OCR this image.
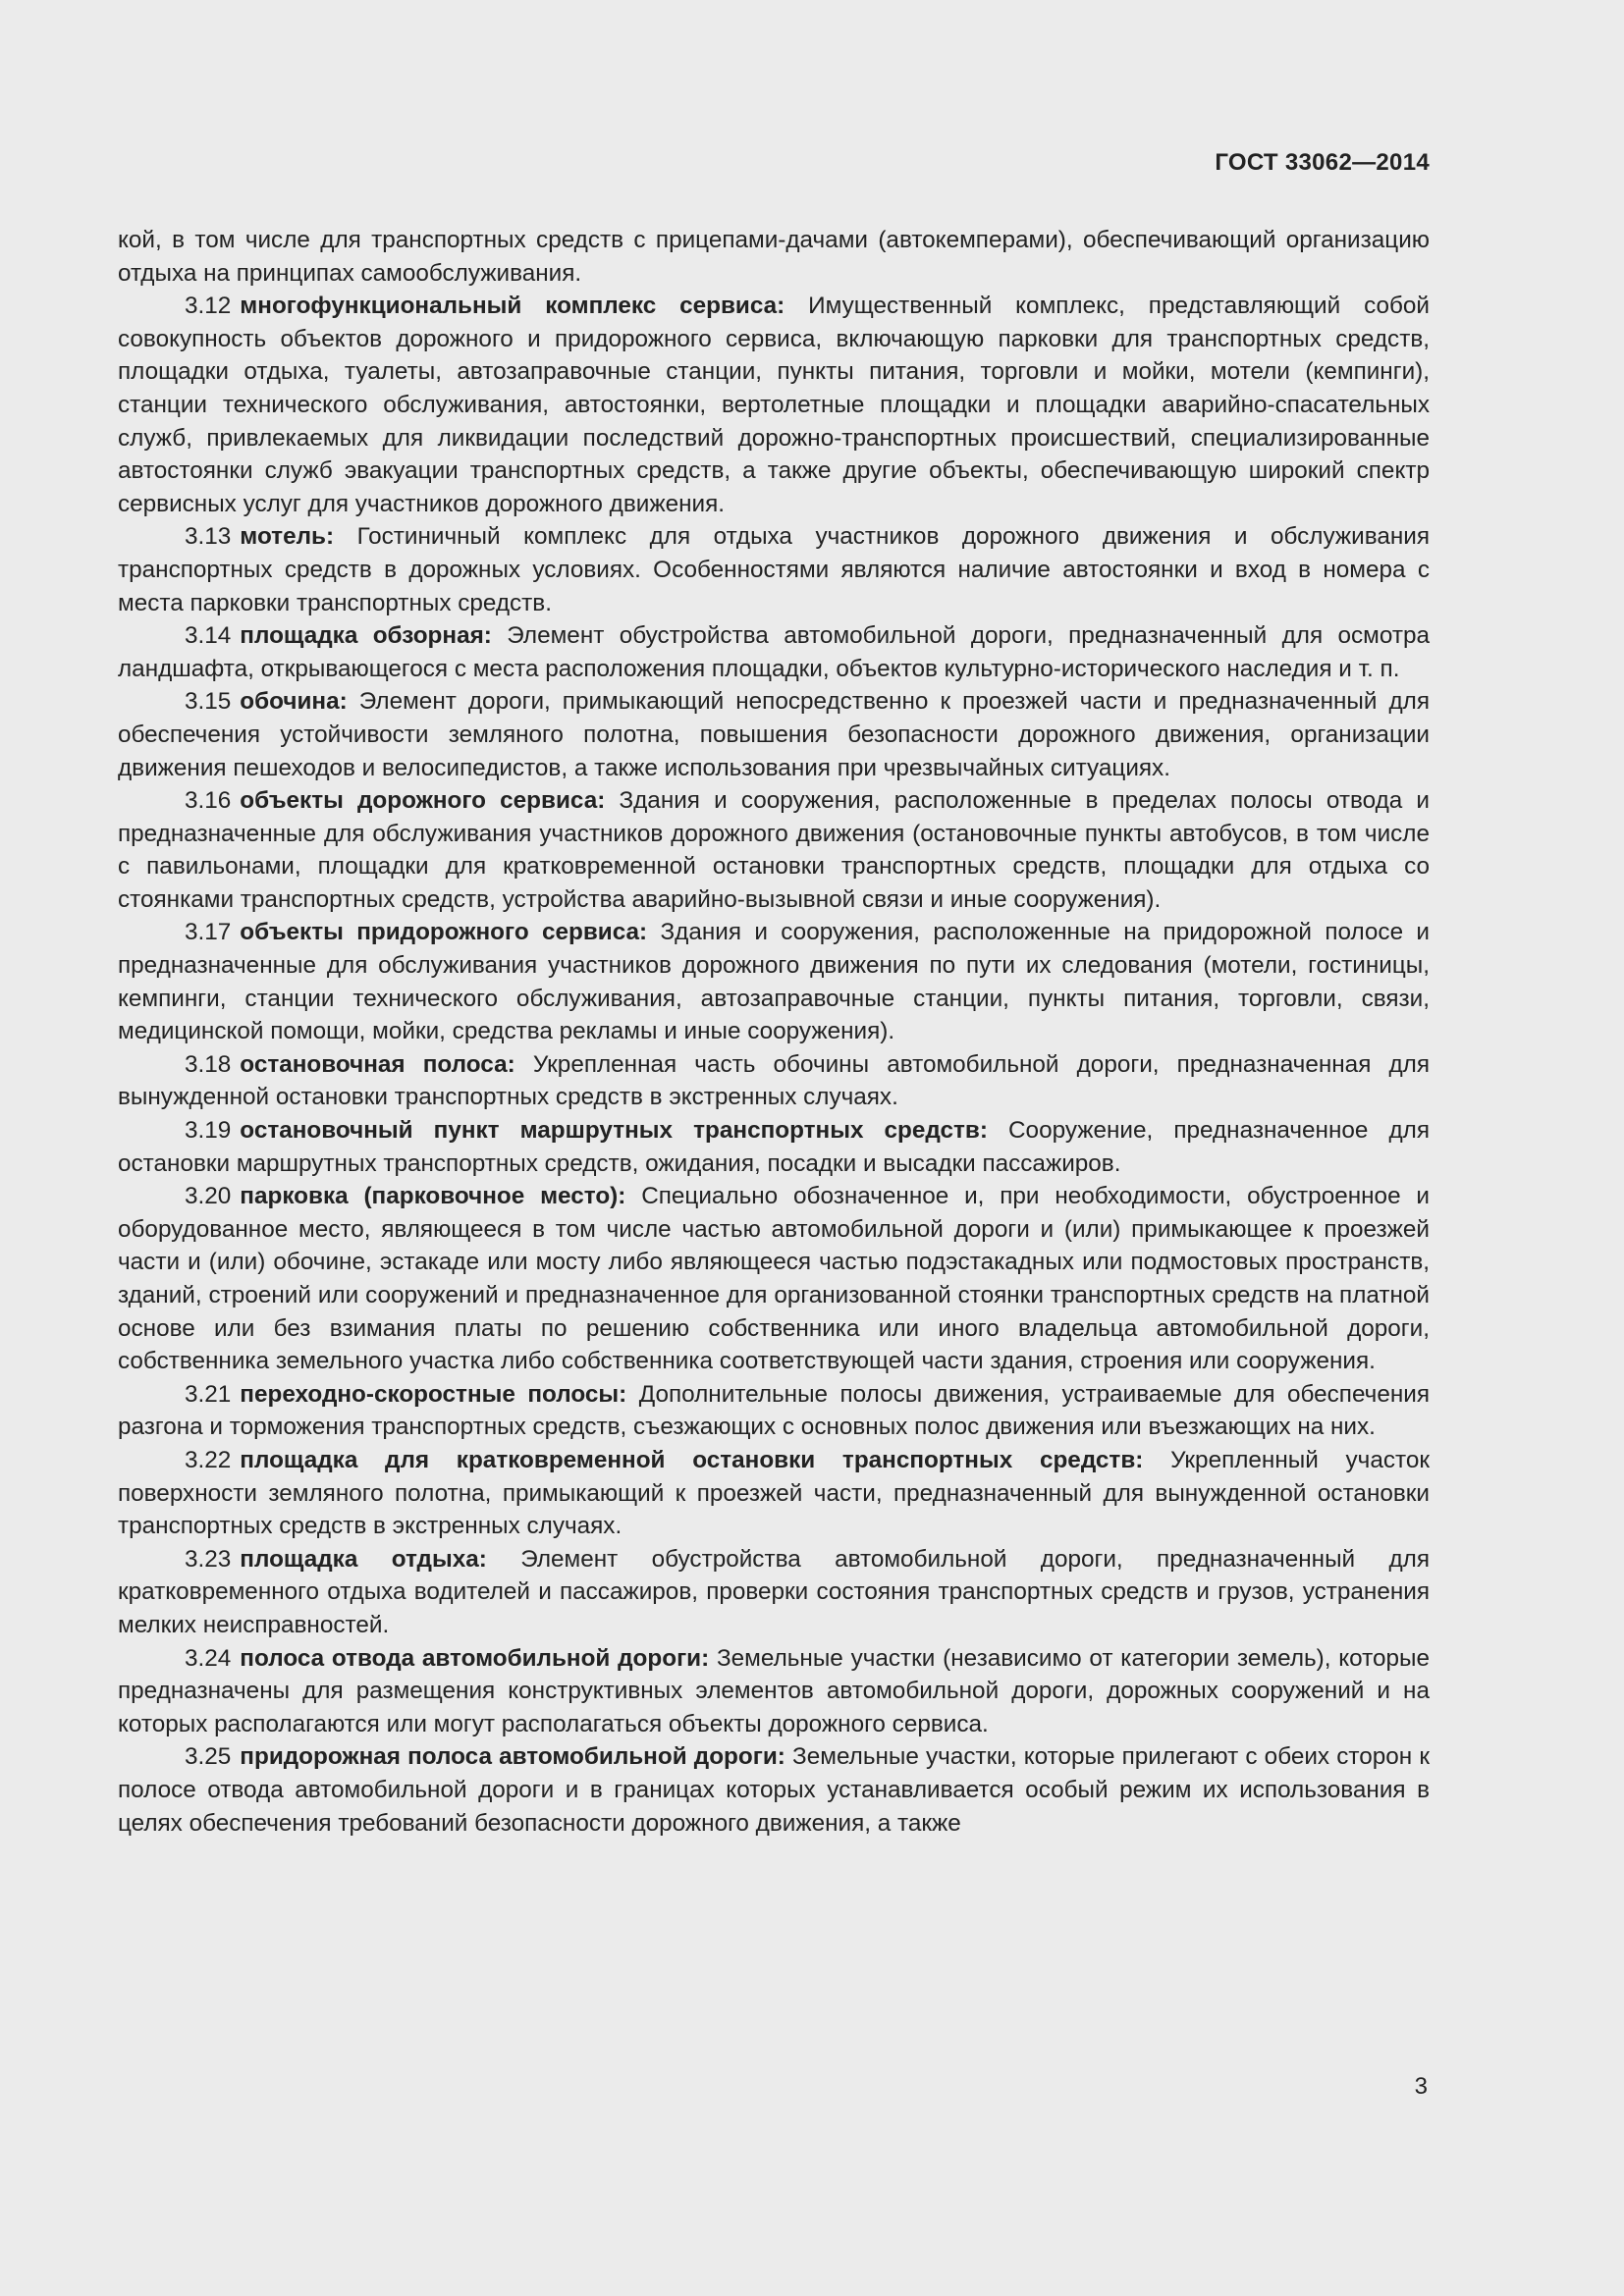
ГОСТ 33062—2014

кой, в том числе для транспортных средств с прицепами-дачами (автокемперами), обеспечивающий организацию отдыха на принципах самообслуживания.

3.12 многофункциональный комплекс сервиса: Имущественный комплекс, представляющий собой совокупность объектов дорожного и придорожного сервиса, включающую парковки для транспортных средств, площадки отдыха, туалеты, автозаправочные станции, пункты питания, торговли и мойки, мотели (кемпинги), станции технического обслуживания, автостоянки, вертолетные площадки и площадки аварийно-спасательных служб, привлекаемых для ликвидации последствий дорожно-транспортных происшествий, специализированные автостоянки служб эвакуации транспортных средств, а также другие объекты, обеспечивающую широкий спектр сервисных услуг для участников дорожного движения.

3.13 мотель: Гостиничный комплекс для отдыха участников дорожного движения и обслуживания транспортных средств в дорожных условиях. Особенностями являются наличие автостоянки и вход в номера с места парковки транспортных средств.

3.14 площадка обзорная: Элемент обустройства автомобильной дороги, предназначенный для осмотра ландшафта, открывающегося с места расположения площадки, объектов культурно-исторического наследия и т. п.

3.15 обочина: Элемент дороги, примыкающий непосредственно к проезжей части и предназначенный для обеспечения устойчивости земляного полотна, повышения безопасности дорожного движения, организации движения пешеходов и велосипедистов, а также использования при чрезвычайных ситуациях.

3.16 объекты дорожного сервиса: Здания и сооружения, расположенные в пределах полосы отвода и предназначенные для обслуживания участников дорожного движения (остановочные пункты автобусов, в том числе с павильонами, площадки для кратковременной остановки транспортных средств, площадки для отдыха со стоянками транспортных средств, устройства аварийно-вызывной связи и иные сооружения).

3.17 объекты придорожного сервиса: Здания и сооружения, расположенные на придорожной полосе и предназначенные для обслуживания участников дорожного движения по пути их следования (мотели, гостиницы, кемпинги, станции технического обслуживания, автозаправочные станции, пункты питания, торговли, связи, медицинской помощи, мойки, средства рекламы и иные сооружения).

3.18 остановочная полоса: Укрепленная часть обочины автомобильной дороги, предназначенная для вынужденной остановки транспортных средств в экстренных случаях.

3.19 остановочный пункт маршрутных транспортных средств: Сооружение, предназначенное для остановки маршрутных транспортных средств, ожидания, посадки и высадки пассажиров.

3.20 парковка (парковочное место): Специально обозначенное и, при необходимости, обустроенное и оборудованное место, являющееся в том числе частью автомобильной дороги и (или) примыкающее к проезжей части и (или) обочине, эстакаде или мосту либо являющееся частью подэстакадных или подмостовых пространств, зданий, строений или сооружений и предназначенное для организованной стоянки транспортных средств на платной основе или без взимания платы по решению собственника или иного владельца автомобильной дороги, собственника земельного участка либо собственника соответствующей части здания, строения или сооружения.

3.21 переходно-скоростные полосы: Дополнительные полосы движения, устраиваемые для обеспечения разгона и торможения транспортных средств, съезжающих с основных полос движения или въезжающих на них.

3.22 площадка для кратковременной остановки транспортных средств: Укрепленный участок поверхности земляного полотна, примыкающий к проезжей части, предназначенный для вынужденной остановки транспортных средств в экстренных случаях.

3.23 площадка отдыха: Элемент обустройства автомобильной дороги, предназначенный для кратковременного отдыха водителей и пассажиров, проверки состояния транспортных средств и грузов, устранения мелких неисправностей.

3.24 полоса отвода автомобильной дороги: Земельные участки (независимо от категории земель), которые предназначены для размещения конструктивных элементов автомобильной дороги, дорожных сооружений и на которых располагаются или могут располагаться объекты дорожного сервиса.

3.25 придорожная полоса автомобильной дороги: Земельные участки, которые прилегают с обеих сторон к полосе отвода автомобильной дороги и в границах которых устанавливается особый режим их использования в целях обеспечения требований безопасности дорожного движения, а также

3
